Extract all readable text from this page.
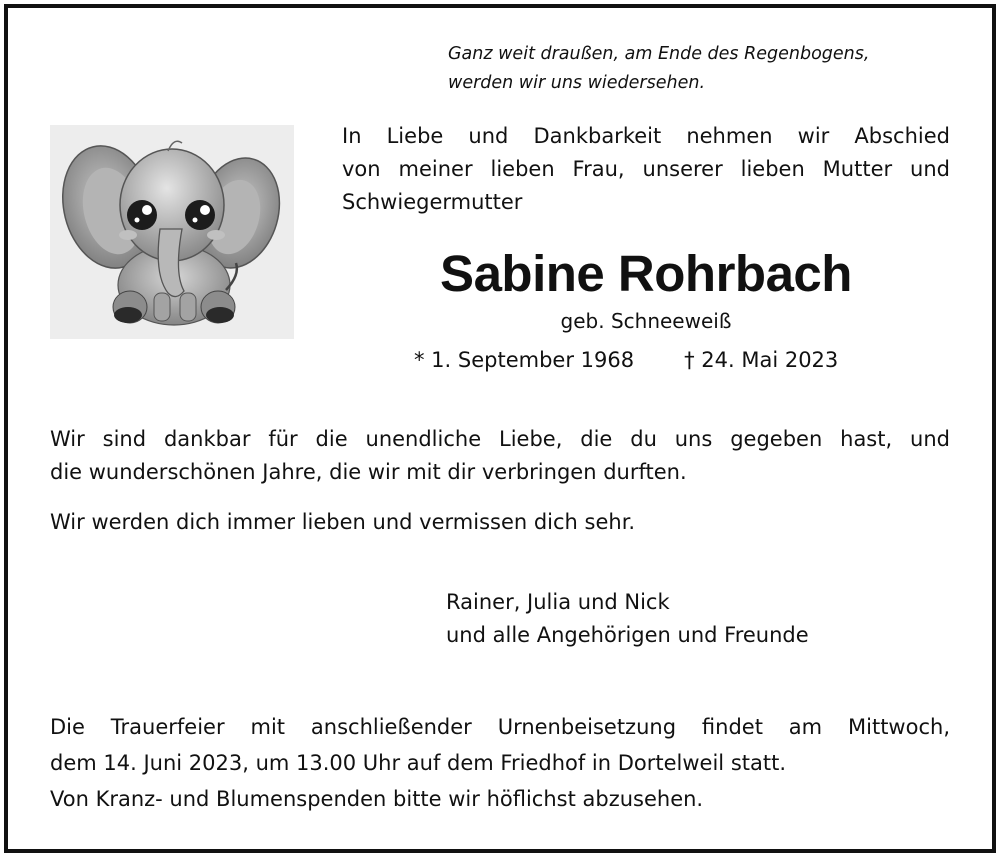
Ganz weit draußen, am Ende des Regenbogens,
werden wir uns wiedersehen.
In Liebe und Dankbarkeit nehmen wir Abschied
von meiner lieben Frau, unserer lieben Mutter und
Schwiegermutter
Sabine Rohrbach
geb. Schneeweiß
* 1. September 1968 † 24. Mai 2023
Wir sind dankbar für die unendliche Liebe, die du uns gegeben hast, und
die wunderschönen Jahre, die wir mit dir verbringen durften.
Wir werden dich immer lieben und vermissen dich sehr.
Rainer, Julia und Nick
und alle Angehörigen und Freunde
Die Trauerfeier mit anschließender Urnenbeisetzung findet am Mittwoch,
dem 14. Juni 2023, um 13.00 Uhr auf dem Friedhof in Dortelweil statt.
Von Kranz- und Blumenspenden bitte wir höflichst abzusehen.
